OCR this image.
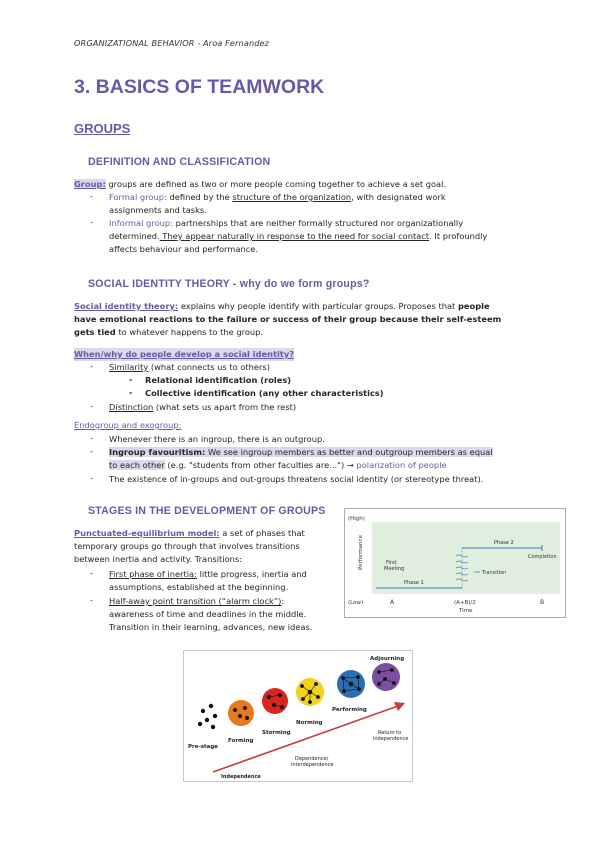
ORGANIZATIONAL BEHAVIOR - Aroa Fernandez
3. BASICS OF TEAMWORK
GROUPS
DEFINITION AND CLASSIFICATION
Group: groups are defined as two or more people coming together to achieve a set goal.
- Formal group: defined by the structure of the organization, with designated work
assignments and tasks.
- Informal group: partnerships that are neither formally structured nor organizationally
determined. They appear naturally in response to the need for social contact. It profoundly
affects behaviour and performance.
SOCIAL IDENTITY THEORY - why do we form groups?
Social identity theory: explains why people identify with particular groups. Proposes that people
have emotional reactions to the failure or success of their group because their self-esteem
gets tied to whatever happens to the group.
When/why do people develop a social identity?
- Similarity (what connects us to others)
- Relational identification (roles)
- Collective identification (any other characteristics)
- Distinction (what sets us apart from the rest)
Endogroup and exogroup:
- Whenever there is an ingroup, there is an outgroup.
- Ingroup favouritism: We see ingroup members as better and outgroup members as equal
to each other (e.g. "students from other faculties are...") → polarization of people
- The existence of in-groups and out-groups threatens social identity (or stereotype threat).
STAGES IN THE DEVELOPMENT OF GROUPS
Punctuated-equilibrium model: a set of phases that
temporary groups go through that involves transitions
between inertia and activity. Transitions:
- First phase of inertia: little progress, inertia and
assumptions, established at the beginning.
- Half-away point transition (“alarm clock”):
awareness of time and deadlines in the middle.
Transition in their learning, advances, new ideas.
(High)
(Low)
Performance
A	(A+B)/2	B
Time
First
Meeting
Phase 1
Transition
Phase 2
Completion
Pre-stage
Forming
Storming
Norming
Performing
Adjourning
Independence
Dependence/
interdependence
Return to
independence
